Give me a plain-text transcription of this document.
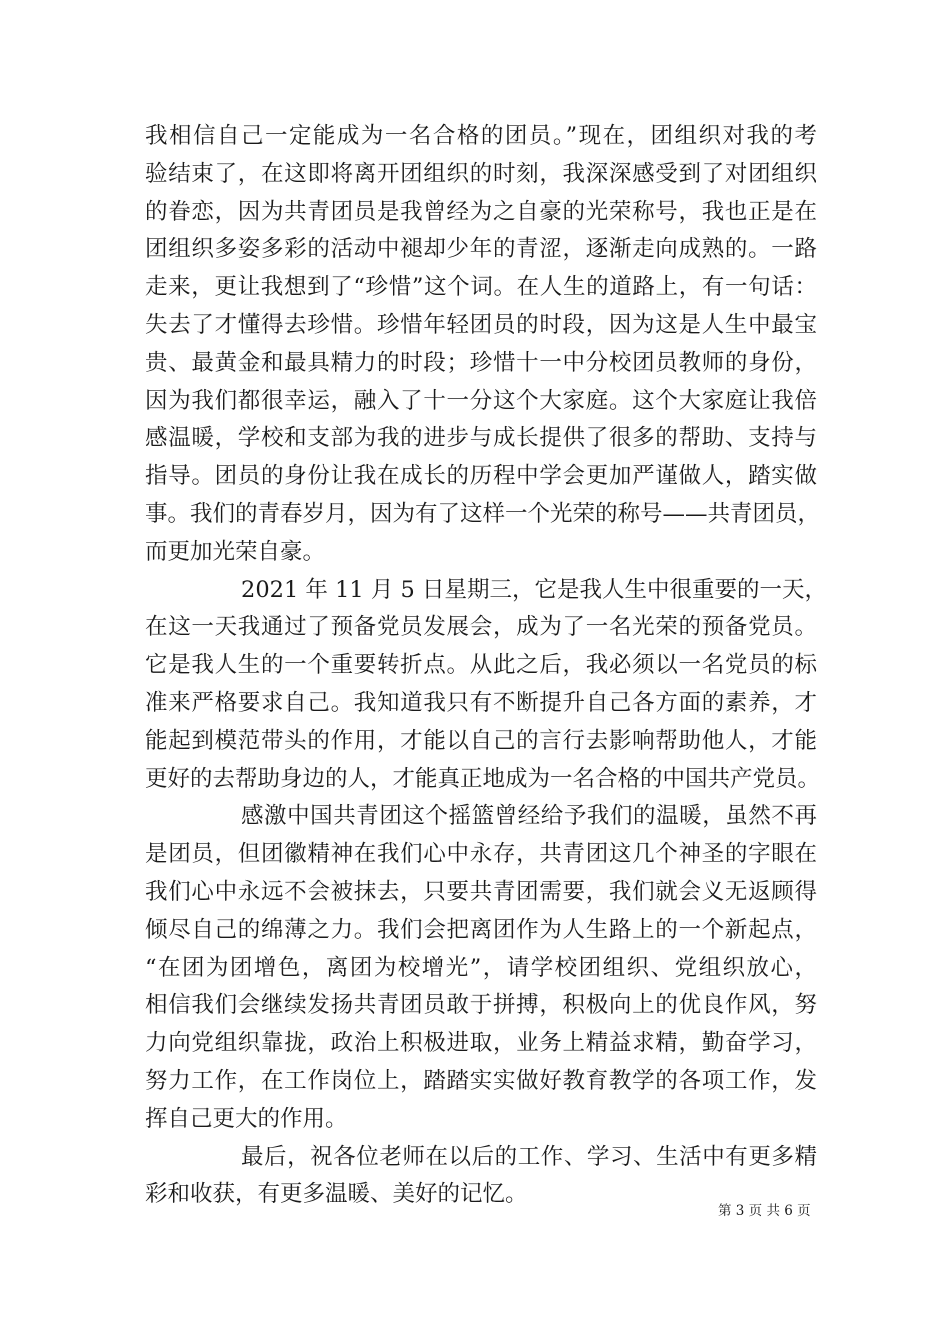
我相信自己一定能成为一名合格的团员。”现在，团组织对我的考
验结束了，在这即将离开团组织的时刻，我深深感受到了对团组织
的眷恋，因为共青团员是我曾经为之自豪的光荣称号，我也正是在
团组织多姿多彩的活动中褪却少年的青涩，逐渐走向成熟的。一路
走来，更让我想到了“珍惜”这个词。在人生的道路上，有一句话：
失去了才懂得去珍惜。珍惜年轻团员的时段，因为这是人生中最宝
贵、最黄金和最具精力的时段；珍惜十一中分校团员教师的身份，
因为我们都很幸运，融入了十一分这个大家庭。这个大家庭让我倍
感温暖，学校和支部为我的进步与成长提供了很多的帮助、支持与
指导。团员的身份让我在成长的历程中学会更加严谨做人，踏实做
事。我们的青春岁月，因为有了这样一个光荣的称号——共青团员，
而更加光荣自豪。
2021 年 11 月 5 日星期三，它是我人生中很重要的一天，
在这一天我通过了预备党员发展会，成为了一名光荣的预备党员。
它是我人生的一个重要转折点。从此之后，我必须以一名党员的标
准来严格要求自己。我知道我只有不断提升自己各方面的素养，才
能起到模范带头的作用，才能以自己的言行去影响帮助他人，才能
更好的去帮助身边的人，才能真正地成为一名合格的中国共产党员。
感激中国共青团这个摇篮曾经给予我们的温暖，虽然不再
是团员，但团徽精神在我们心中永存，共青团这几个神圣的字眼在
我们心中永远不会被抹去，只要共青团需要，我们就会义无返顾得
倾尽自己的绵薄之力。我们会把离团作为人生路上的一个新起点，
“在团为团增色，离团为校增光”，请学校团组织、党组织放心，
相信我们会继续发扬共青团员敢于拼搏，积极向上的优良作风，努
力向党组织靠拢，政治上积极进取，业务上精益求精，勤奋学习，
努力工作，在工作岗位上，踏踏实实做好教育教学的各项工作，发
挥自己更大的作用。
最后，祝各位老师在以后的工作、学习、生活中有更多精
彩和收获，有更多温暖、美好的记忆。
第 3 页 共 6 页
